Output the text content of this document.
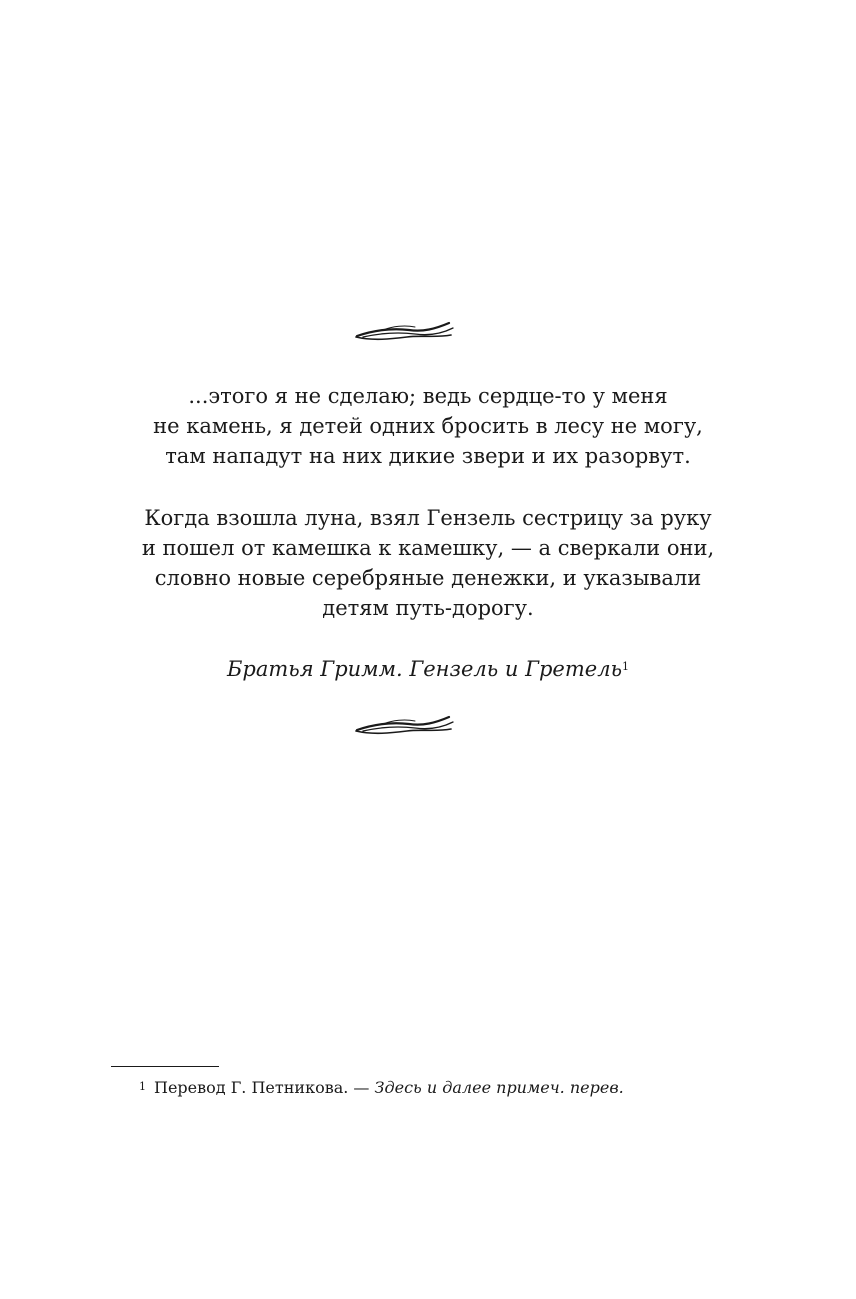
...этого я не сделаю; ведь сердце-то у меня
не камень, я детей одних бросить в лесу не могу,
там нападут на них дикие звери и их разорвут.
Когда взошла луна, взял Гензель сестрицу за руку
и пошел от камешка к камешку, — а сверкали они,
словно новые серебряные денежки, и указывали
детям путь-дорогу.
Братья Гримм. Гензель и Гретель$^1$
$^1$ Перевод Г. Петникова. — Здесь и далее примеч. перев.
